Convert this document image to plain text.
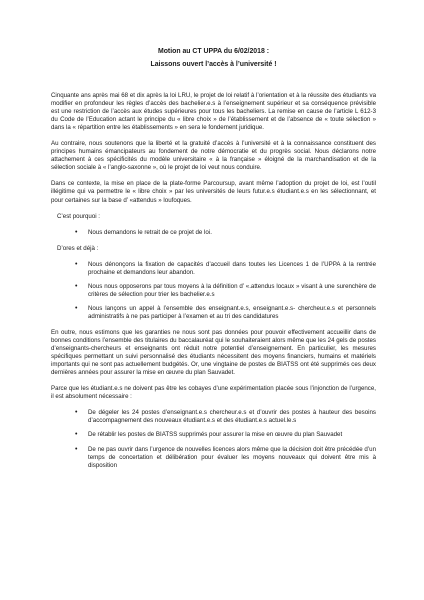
Motion au CT UPPA du 6/02/2018 :
Laissons ouvert l’accès à l’université !

Cinquante ans après mai 68 et dix après la loi LRU, le projet de loi relatif à l’orientation et à la réussite des étudiants va modifier en profondeur les règles d’accès des bachelier.e.s à l’enseignement supérieur et sa conséquence prévisible est une restriction de l’accès aux études supérieures pour tous les bacheliers. La remise en cause de l’article L 612-3 du Code de l’Education actant le principe du « libre choix » de l’établissement et de l’absence de « toute sélection » dans la « répartition entre les établissements » en sera le fondement juridique.

Au contraire, nous soutenons que la liberté et la gratuité d’accès à l’université et à la connaissance constituent des principes humains émancipateurs au fondement de notre démocratie et du progrès social. Nous déclarons notre attachement à ces spécificités du modèle universitaire « à la française » éloigné de la marchandisation et de la sélection sociale à « l’anglo-saxonne », où le projet de loi veut nous conduire.

Dans ce contexte, la mise en place de la plate-forme Parcoursup, avant même l’adoption du projet de loi, est l’outil illégitime qui va permettre le « libre choix » par les universités de leurs futur.e.s étudiant.e.s en les sélectionnant, et pour certaines sur la base d’ «attendus » loufoques.

C’est pourquoi :
• Nous demandons le retrait de ce projet de loi.
D’ores et déjà :
• Nous dénonçons la fixation de capacités d’accueil dans toutes les Licences 1 de l’UPPA à la rentrée prochaine et demandons leur abandon.
• Nous nous opposerons par tous moyens à la définition d’ «.attendus locaux » visant à une surenchère de critères de sélection pour trier les bachelier.e.s
• Nous lançons un appel à l’ensemble des enseignant.e.s, enseignant.e.s- chercheur.e.s et personnels administratifs à ne pas participer à l’examen et au tri des candidatures

En outre, nous estimons que les garanties ne nous sont pas données pour pouvoir effectivement accueillir dans de bonnes conditions l’ensemble des titulaires du baccalauréat qui le souhaiteraient alors même que les 24 gels de postes d’enseignants-chercheurs et enseignants ont réduit notre potentiel d’enseignement. En particulier, les mesures spécifiques permettant un suivi personnalisé des étudiants nécessitent des moyens financiers, humains et matériels importants qui ne sont pas actuellement budgétés. Or, une vingtaine de postes de BIATSS ont été supprimés ces deux dernières années pour assurer la mise en œuvre du plan Sauvadet.

Parce que les étudiant.e.s ne doivent pas être les cobayes d’une expérimentation placée sous l’injonction de l’urgence, il est absolument nécessaire :

• De dégeler les 24 postes d’enseignant.e.s chercheur.e.s et d’ouvrir des postes à hauteur des besoins d’accompagnement des nouveaux étudiant.e.s et des étudiant.e.s actuel.le.s
• De rétablir les postes de BIATSS supprimés pour assurer la mise en œuvre du plan Sauvadet
• De ne pas ouvrir dans l’urgence de nouvelles licences alors même que la décision doit être précédée d’un temps de concertation et délibération pour évaluer les moyens nouveaux qui doivent être mis à disposition
